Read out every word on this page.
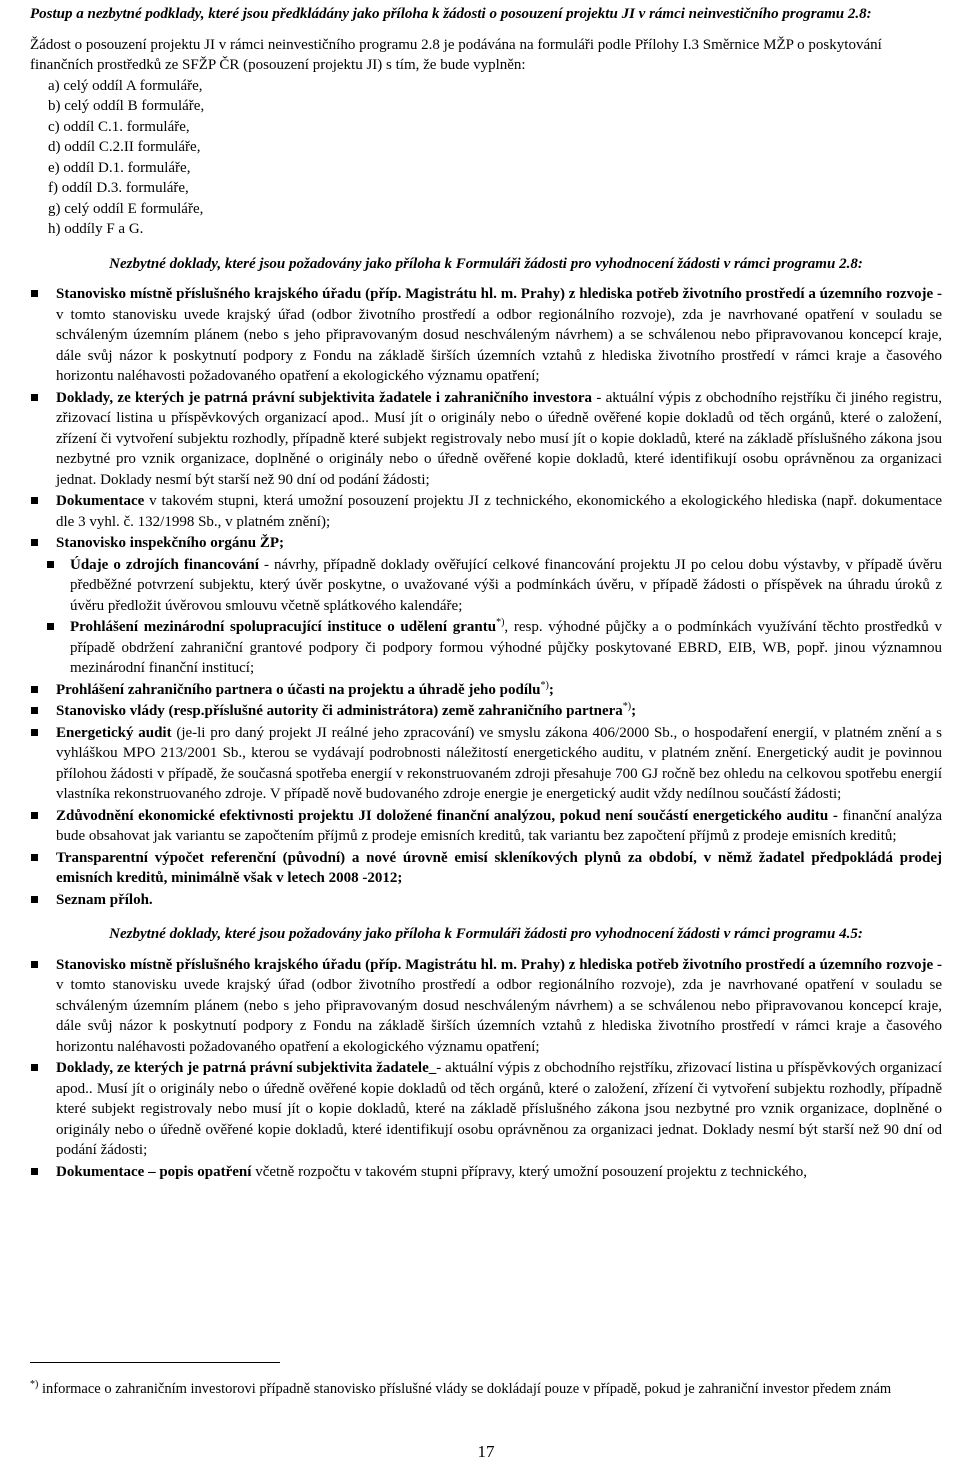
Postup a nezbytné podklady, které jsou předkládány jako příloha k žádosti o posouzení projektu JI v rámci neinvestičního programu 2.8:

Žádost o posouzení projektu JI v rámci neinvestičního programu 2.8 je podávána na formuláři podle Přílohy I.3 Směrnice MŽP o poskytování finančních prostředků ze SFŽP ČR (posouzení projektu JI) s tím, že bude vyplněn:

a) celý oddíl A formuláře,
b) celý oddíl B formuláře,
c) oddíl C.1. formuláře,
d) oddíl C.2.II formuláře,
e) oddíl D.1. formuláře,
f) oddíl D.3. formuláře,
g) celý oddíl E formuláře,
h) oddíly F a G.

Nezbytné doklady, které jsou požadovány jako příloha k Formuláři žádosti pro vyhodnocení žádosti v rámci programu 2.8:

Stanovisko místně příslušného krajského úřadu (příp. Magistrátu hl. m. Prahy) z hlediska potřeb životního prostředí a územního rozvoje - v tomto stanovisku uvede krajský úřad (odbor životního prostředí a odbor regionálního rozvoje), zda je navrhované opatření v souladu se schváleným územním plánem (nebo s jeho připravovaným dosud neschváleným návrhem) a se schválenou nebo připravovanou koncepcí kraje, dále svůj názor k poskytnutí podpory z Fondu na základě širších územních vztahů z hlediska životního prostředí v rámci kraje a časového horizontu naléhavosti požadovaného opatření a ekologického významu opatření;
Doklady, ze kterých je patrná právní subjektivita žadatele i zahraničního investora - aktuální výpis z obchodního rejstříku či jiného registru, zřizovací listina u příspěvkových organizací apod.. Musí jít o originály nebo o úředně ověřené kopie dokladů od těch orgánů, které o založení, zřízení či vytvoření subjektu rozhodly, případně které subjekt registrovaly nebo musí jít o kopie dokladů, které na základě příslušného zákona jsou nezbytné pro vznik organizace, doplněné o originály nebo o úředně ověřené kopie dokladů, které identifikují osobu oprávněnou za organizaci jednat. Doklady nesmí být starší než 90 dní od podání žádosti;
Dokumentace v takovém stupni, která umožní posouzení projektu JI z technického, ekonomického a ekologického hlediska (např. dokumentace dle 3 vyhl. č. 132/1998 Sb., v platném znění);
Stanovisko inspekčního orgánu ŽP;
Údaje o zdrojích financování - návrhy, případně doklady ověřující celkové financování projektu JI po celou dobu výstavby, v případě úvěru předběžné potvrzení subjektu, který úvěr poskytne, o uvažované výši a podmínkách úvěru, v případě žádosti o příspěvek na úhradu úroků z úvěru předložit úvěrovou smlouvu včetně splátkového kalendáře;
Prohlášení mezinárodní spolupracující instituce o udělení grantu*), resp. výhodné půjčky a o podmínkách využívání těchto prostředků v případě obdržení zahraniční grantové podpory či podpory formou výhodné půjčky poskytované EBRD, EIB, WB, popř. jinou významnou mezinárodní finanční institucí;
Prohlášení zahraničního partnera o účasti na projektu a úhradě jeho podílu*);
Stanovisko vlády (resp.příslušné autority či administrátora) země zahraničního partnera*);
Energetický audit (je-li pro daný projekt JI reálné jeho zpracování) ve smyslu zákona 406/2000 Sb., o hospodaření energií, v platném znění a s vyhláškou MPO 213/2001 Sb., kterou se vydávají podrobnosti náležitostí energetického auditu, v platném znění. Energetický audit je povinnou přílohou žádosti v případě, že současná spotřeba energií v rekonstruovaném zdroji přesahuje 700 GJ ročně bez ohledu na celkovou spotřebu energií vlastníka rekonstruovaného zdroje. V případě nově budovaného zdroje energie je energetický audit vždy nedílnou součástí žádosti;
Zdůvodnění ekonomické efektivnosti projektu JI doložené finanční analýzou, pokud není součástí energetického auditu - finanční analýza bude obsahovat jak variantu se započtením příjmů z prodeje emisních kreditů, tak variantu bez započtení příjmů z prodeje emisních kreditů;
Transparentní výpočet referenční (původní) a nové úrovně emisí skleníkových plynů za období, v němž žadatel předpokládá prodej emisních kreditů, minimálně však v letech 2008 -2012;
Seznam příloh.

Nezbytné doklady, které jsou požadovány jako příloha k Formuláři žádosti pro vyhodnocení žádosti v rámci programu 4.5:

Stanovisko místně příslušného krajského úřadu (příp. Magistrátu hl. m. Prahy) z hlediska potřeb životního prostředí a územního rozvoje -v tomto stanovisku uvede krajský úřad (odbor životního prostředí a odbor regionálního rozvoje), zda je navrhované opatření v souladu se schváleným územním plánem (nebo s jeho připravovaným dosud neschváleným návrhem) a se schválenou nebo připravovanou koncepcí kraje, dále svůj názor k poskytnutí podpory z Fondu na základě širších územních vztahů z hlediska životního prostředí v rámci kraje a časového horizontu naléhavosti požadovaného opatření a ekologického významu opatření;
Doklady, ze kterých je patrná právní subjektivita žadatele_- aktuální výpis z obchodního rejstříku, zřizovací listina u příspěvkových organizací apod.. Musí jít o originály nebo o úředně ověřené kopie dokladů od těch orgánů, které o založení, zřízení či vytvoření subjektu rozhodly, případně které subjekt registrovaly nebo musí jít o kopie dokladů, které na základě příslušného zákona jsou nezbytné pro vznik organizace, doplněné o originály nebo o úředně ověřené kopie dokladů, které identifikují osobu oprávněnou za organizaci jednat. Doklady nesmí být starší než 90 dní od podání žádosti;
Dokumentace – popis opatření včetně rozpočtu v takovém stupni přípravy, který umožní posouzení projektu z technického,
*) informace o zahraničním investorovi případně stanovisko příslušné vlády se dokládají pouze v případě, pokud je zahraniční investor předem znám
17
